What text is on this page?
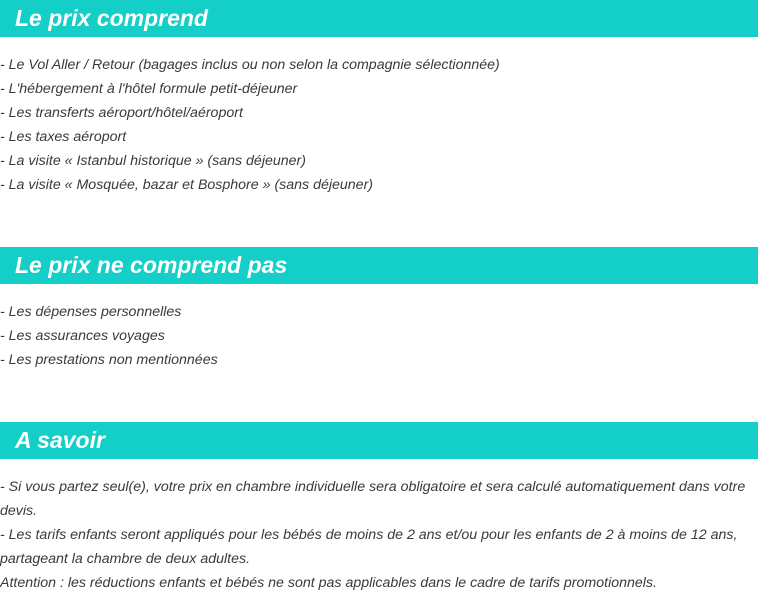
Le prix comprend
- Le Vol Aller / Retour (bagages inclus ou non selon la compagnie sélectionnée)
- L'hébergement à l'hôtel formule petit-déjeuner
- Les transferts aéroport/hôtel/aéroport
- Les taxes aéroport
- La visite « Istanbul historique » (sans déjeuner)
- La visite « Mosquée, bazar et Bosphore » (sans déjeuner)
Le prix ne comprend pas
- Les dépenses personnelles
- Les assurances voyages
- Les prestations non mentionnées
A savoir
- Si vous partez seul(e), votre prix en chambre individuelle sera obligatoire et sera calculé automatiquement dans votre devis.
- Les tarifs enfants seront appliqués pour les bébés de moins de 2 ans et/ou pour les enfants de 2 à moins de 12 ans, partageant la chambre de deux adultes.
Attention : les réductions enfants et bébés ne sont pas applicables dans le cadre de tarifs promotionnels.
